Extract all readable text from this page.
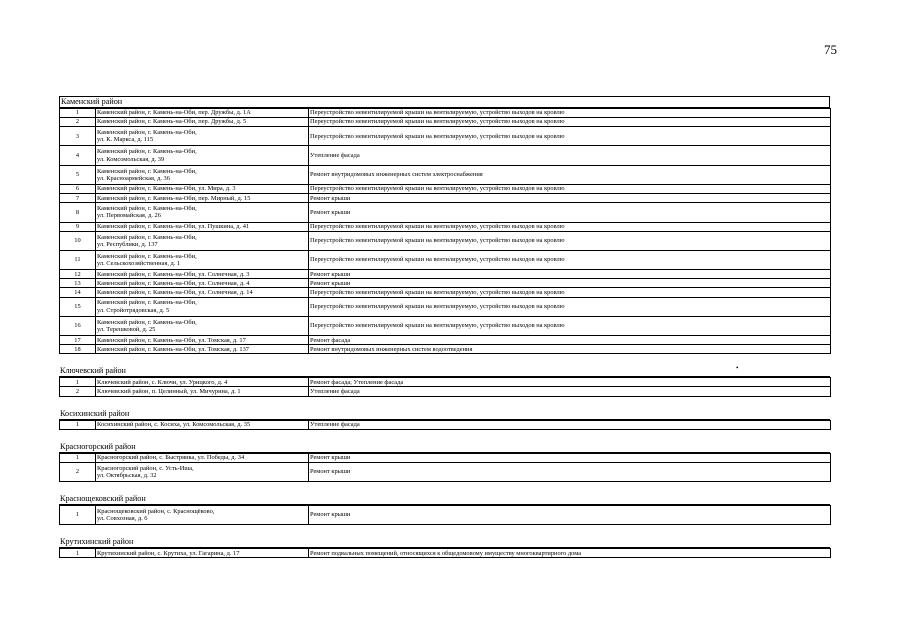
75
Каменский район
1	Каменский район, г. Камень-на-Оби, пер. Дружбы, д. 1А	Переустройство невентилируемой крыши на вентилируемую, устройство выходов на кровлю
2	Каменский район, г. Камень-на-Оби, пер. Дружбы, д. 5	Переустройство невентилируемой крыши на вентилируемую, устройство выходов на кровлю
3	Каменский район, г. Камень-на-Оби,
ул. К. Маркса, д. 115	Переустройство невентилируемой крыши на вентилируемую, устройство выходов на кровлю
4	Каменский район, г. Камень-на-Оби,
ул. Комсомольская, д. 39	Утепление фасада
5	Каменский район, г. Камень-на-Оби,
ул. Красноармейская, д. 36	Ремонт внутридомовых инженерных систем электроснабжения
6	Каменский район, г. Камень-на-Оби, ул. Мира, д. 3	Переустройство невентилируемой крыши на вентилируемую, устройство выходов на кровлю
7	Каменский район, г. Камень-на-Оби, пер. Мирный, д. 15	Ремонт крыши
8	Каменский район, г. Камень-на-Оби,
ул. Первомайская, д. 26	Ремонт крыши
9	Каменский район, г. Камень-на-Оби, ул. Пушкина, д. 41	Переустройство невентилируемой крыши на вентилируемую, устройство выходов на кровлю
10	Каменский район, г. Камень-на-Оби,
ул. Республики, д. 137	Переустройство невентилируемой крыши на вентилируемую, устройство выходов на кровлю
11	Каменский район, г. Камень-на-Оби,
ул. Сельскохозяйственная, д. 1	Переустройство невентилируемой крыши на вентилируемую, устройство выходов на кровлю
12	Каменский район, г. Камень-на-Оби, ул. Солнечная, д. 3	Ремонт крыши
13	Каменский район, г. Камень-на-Оби, ул. Солнечная, д. 4	Ремонт крыши
14	Каменский район, г. Камень-на-Оби, ул. Солнечная, д. 14	Переустройство невентилируемой крыши на вентилируемую, устройство выходов на кровлю
15	Каменский район, г. Камень-на-Оби,
ул. Стройотрядовская, д. 5	Переустройство невентилируемой крыши на вентилируемую, устройство выходов на кровлю
16	Каменский район, г. Камень-на-Оби,
ул. Терешковой, д. 25	Переустройство невентилируемой крыши на вентилируемую, устройство выходов на кровлю
17	Каменский район, г. Камень-на-Оби, ул. Томская, д. 17	Ремонт фасада
18	Каменский район, г. Камень-на-Оби, ул. Томская, д. 137	Ремонт внутридомовых инженерных систем водоотведения
Ключевский район
1	Ключевский район, с. Ключи, ул. Урицкого, д. 4	Ремонт фасада; Утепление фасада
2	Ключевский район, п. Целинный, ул. Мичурина, д. 1	Утепление фасада
Косихинский район
1	Косихинский район, с. Косиха, ул. Комсомольская, д. 35	Утепление фасада
Красногорский район
1	Красногорский район, с. Быстрянка, ул. Победы, д. 34	Ремонт крыши
2	Красногорский район, с. Усть-Иша,
ул. Октябрьская, д. 32	Ремонт крыши
Краснощековский район
1	Краснощековский район, с. Краснощёково,
ул. Совхозная, д. 6	Ремонт крыши
Крутихинский район
1	Крутихинский район, с. Крутиха, ул. Гагарина, д. 17	Ремонт подвальных помещений, относящихся к общедомовому имуществу многоквартирного дома
•
